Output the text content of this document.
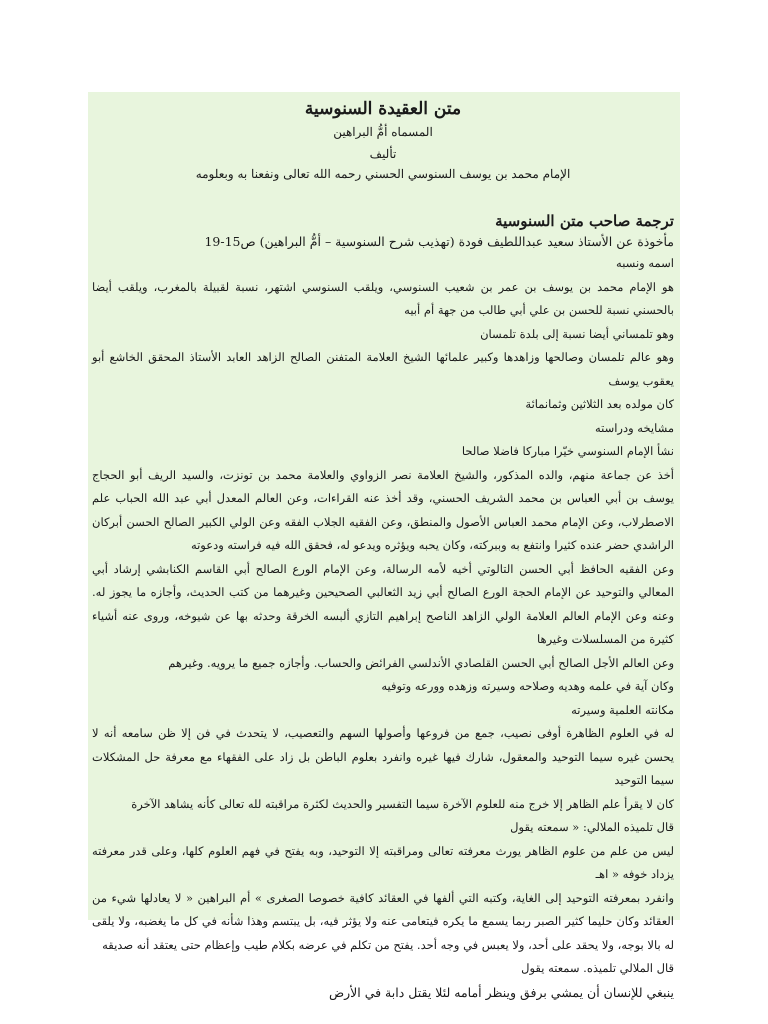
متن العقيدة السنوسية
المسماه أمُّ البراهين
تأليف
الإمام محمد بن يوسف السنوسي الحسني رحمه الله تعالى ونفعنا به وبعلومه
ترجمة صاحب متن السنوسية
مأخوذة عن الأستاذ سعيد عبداللطيف فودة (تهذيب شرح السنوسية – أمُّ البراهين) ص15-19
اسمه ونسبه
هو الإمام محمد بن يوسف بن عمر بن شعيب السنوسي، ويلقب السنوسي اشتهر، نسبة لقبيلة بالمغرب، ويلقب أيضا بالحسني نسبة للحسن بن علي أبي طالب من جهة أم أبيه
وهو تلمساني أيضا نسبة إلى بلدة تلمسان
وهو عالم تلمسان وصالحها وزاهدها وكبير علمائها الشيخ العلامة المتفنن الصالح الزاهد العابد الأستاذ المحقق الخاشع أبو يعقوب يوسف
كان مولده بعد الثلاثين وثمانمائة
مشايخه ودراسته
نشأ الإمام السنوسي خيّرا مباركا فاضلا صالحا
أخذ عن جماعة منهم، والده المذكور، والشيخ العلامة نصر الزواوي والعلامة محمد بن تونزت، والسيد الريف أبو الحجاج يوسف بن أبي العباس بن محمد الشريف الحسني، وقد أخذ عنه القراءات، وعن العالم المعدل أبي عبد الله الحباب علم الاصطرلاب، وعن الإمام محمد العباس الأصول والمنطق، وعن الفقيه الجلاب الفقه وعن الولي الكبير الصالح الحسن أبركان الراشدي حضر عنده كثيرا وانتفع به وببركته، وكان يحبه ويؤثره ويدعو له، فحقق الله فيه فراسته ودعوته
وعن الفقيه الحافظ أبي الحسن التالوتي أخيه لأمه الرسالة، وعن الإمام الورع الصالح أبي القاسم الكنابشي إرشاد أبي المعالي والتوحيد عن الإمام الحجة الورع الصالح أبي زيد الثعالبي الصحيحين وغيرهما من كتب الحديث، وأجازه ما يجوز له. وعنه وعن الإمام العالم العلامة الولي الزاهد الناصح إبراهيم التازي ألبسه الخرقة وحدثه بها عن شيوخه، وروى عنه أشياء كثيرة من المسلسلات وغيرها
وعن العالم الأجل الصالح أبي الحسن القلصادي الأندلسي الفرائض والحساب. وأجازه جميع ما يرويه. وغيرهم
وكان آية في علمه وهديه وصلاحه وسيرته وزهده وورعه وتوفيه
مكانته العلمية وسيرته
له في العلوم الظاهرة أوفى نصيب، جمع من فروعها وأصولها السهم والتعصيب، لا يتحدث في فن إلا ظن سامعه أنه لا يحسن غيره سيما التوحيد والمعقول، شارك فيها غيره وانفرد بعلوم الباطن بل زاد على الفقهاء مع معرفة حل المشكلات سيما التوحيد
كان لا يقرأ علم الظاهر إلا خرج منه للعلوم الآخرة سيما التفسير والحديث لكثرة مراقبته لله تعالى كأنه يشاهد الآخرة
قال تلميذه الملالي: « سمعته يقول
ليس من علم من علوم الظاهر يورث معرفته تعالى ومراقبته إلا التوحيد، وبه يفتح في فهم العلوم كلها، وعلى قدر معرفته يزداد خوفه « اهـ
وانفرد بمعرفته التوحيد إلى الغاية، وكتبه التي ألفها في العقائد كافية خصوصا الصغرى » أم البراهين « لا يعادلها شيء من العقائد وكان حليما كثير الصبر ربما يسمع ما يكره فيتعامى عنه ولا يؤثر فيه، بل يبتسم وهذا شأنه في كل ما يغضبه، ولا يلقى له بالا بوجه، ولا يحقد على أحد، ولا يعبس في وجه أحد. يفتح من تكلم في عرضه بكلام طيب وإعظام حتى يعتقد أنه صديقه
قال الملالي تلميذه. سمعته يقول
ينبغي للإنسان أن يمشي برفق وينظر أمامه لئلا يقتل دابة في الأرض
